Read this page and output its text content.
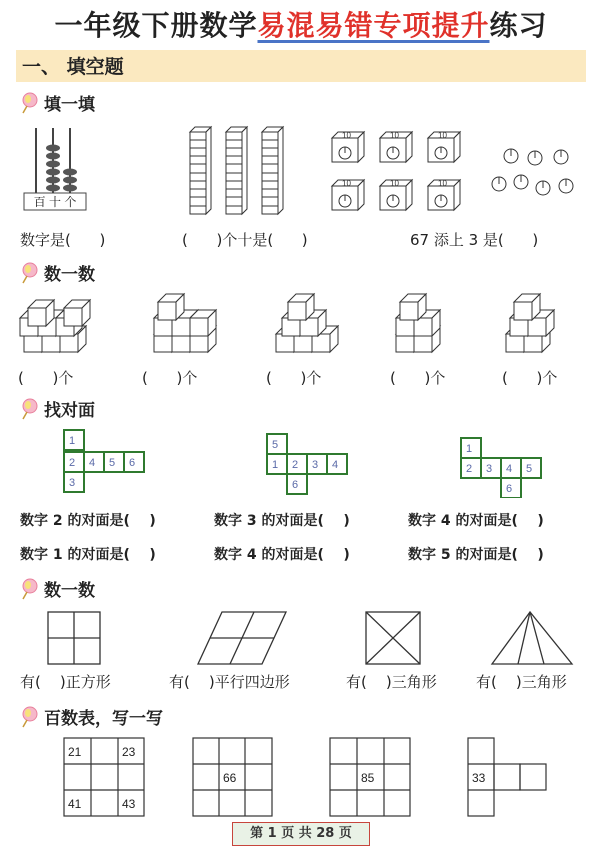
一年级下册数学易混易错专项提升练习
一、 填空题
填一填
百 十 个
10	10	10
10	10	10
数字是(      )	(      )个十是(      )	67 添上 3 是(      )
数一数
(      )个	(      )个	(      )个	(      )个	(      )个
找对面
1
2 4 5 6
3
5
1 2 3 4
6
1
2 3 4 5
6
数字 2 的对面是(    )	数字 3 的对面是(    )	数字 4 的对面是(    )
数字 1 的对面是(    )	数字 4 的对面是(    )	数字 5 的对面是(    )
数一数
有(    )正方形	有(    )平行四边形	有(    )三角形	有(    )三角形
百数表，写一写
21	23
41	43
66	85	33
第 1 页 共 28 页
